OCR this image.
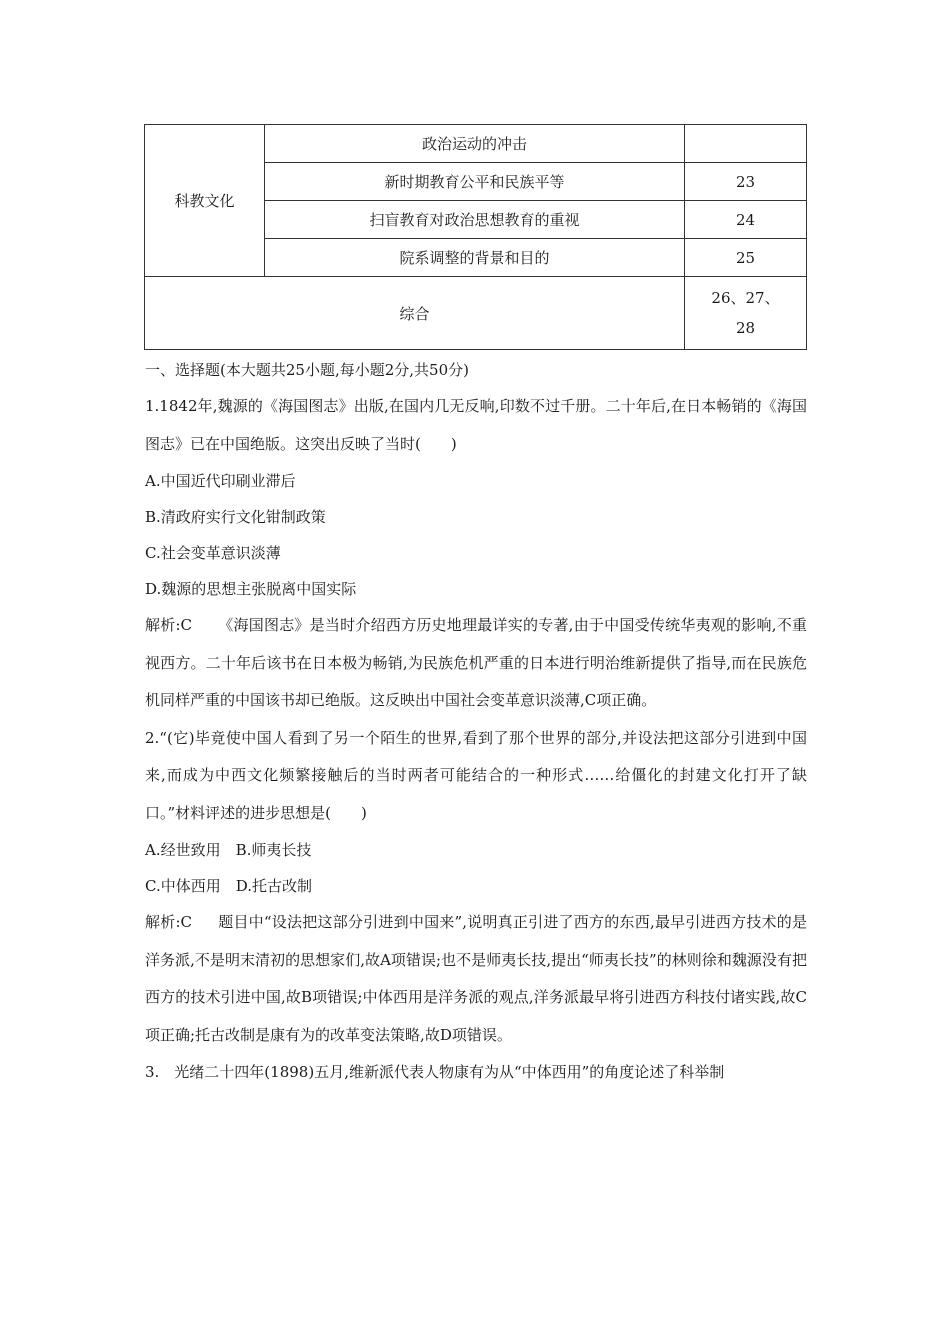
科教文化	政治运动的冲击	
	新时期教育公平和民族平等	23
	扫盲教育对政治思想教育的重视	24
	院系调整的背景和目的	25
综合		26、27、
28

一、选择题(本大题共25小题,每小题2分,共50分)

1.1842年,魏源的《海国图志》出版,在国内几无反响,印数不过千册。二十年后,在日本畅销的《海国图志》已在中国绝版。这突出反映了当时(　　)

A.中国近代印刷业滞后

B.清政府实行文化钳制政策

C.社会变革意识淡薄

D.魏源的思想主张脱离中国实际

解析:C 《海国图志》是当时介绍西方历史地理最详实的专著,由于中国受传统华夷观的影响,不重视西方。二十年后该书在日本极为畅销,为民族危机严重的日本进行明治维新提供了指导,而在民族危机同样严重的中国该书却已绝版。这反映出中国社会变革意识淡薄,C项正确。

2.“(它)毕竟使中国人看到了另一个陌生的世界,看到了那个世界的部分,并设法把这部分引进到中国来,而成为中西文化频繁接触后的当时两者可能结合的一种形式……给僵化的封建文化打开了缺口。”材料评述的进步思想是(　　)

A.经世致用　B.师夷长技

C.中体西用　D.托古改制

解析:C 题目中“设法把这部分引进到中国来”,说明真正引进了西方的东西,最早引进西方技术的是洋务派,不是明末清初的思想家们,故A项错误;也不是师夷长技,提出“师夷长技”的林则徐和魏源没有把西方的技术引进中国,故B项错误;中体西用是洋务派的观点,洋务派最早将引进西方科技付诸实践,故C项正确;托古改制是康有为的改革变法策略,故D项错误。

3.　光绪二十四年(1898)五月,维新派代表人物康有为从“中体西用”的角度论述了科举制
